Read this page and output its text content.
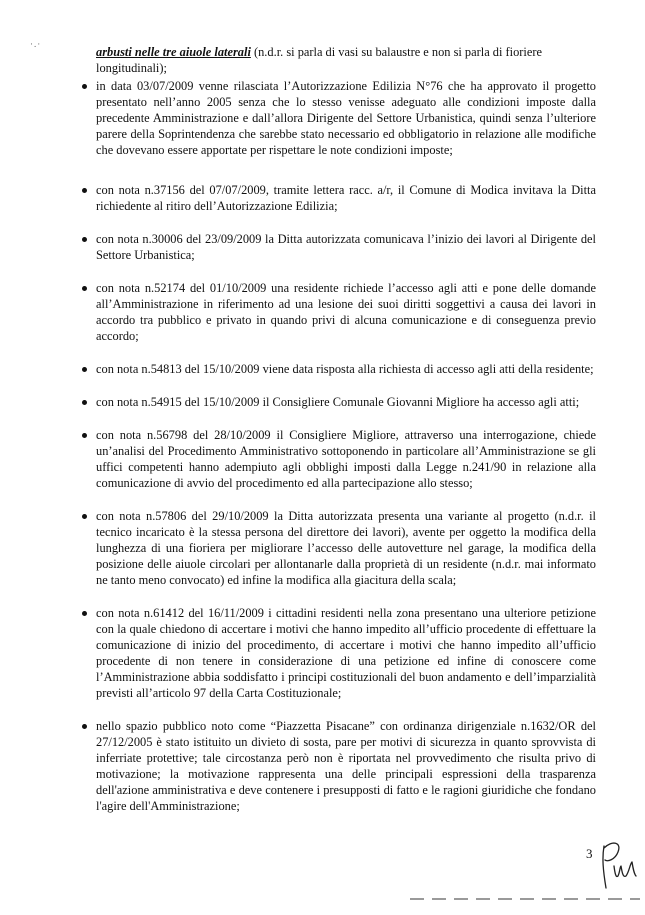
·.·

arbusti nelle tre aiuole laterali (n.d.r. si parla di vasi su balaustre e non si parla di fioriere longitudinali);

in data 03/07/2009 venne rilasciata l’Autorizzazione Edilizia N°76 che ha approvato il progetto presentato nell’anno 2005 senza che lo stesso venisse adeguato alle condizioni imposte dalla precedente Amministrazione e dall’allora Dirigente del Settore Urbanistica, quindi senza l’ulteriore parere della Soprintendenza che sarebbe stato necessario ed obbligatorio in relazione alle modifiche che dovevano essere apportate per rispettare le note condizioni imposte;
con nota n.37156 del 07/07/2009, tramite lettera racc. a/r, il Comune di Modica invitava la Ditta richiedente al ritiro dell’Autorizzazione Edilizia;
con nota n.30006 del 23/09/2009 la Ditta autorizzata comunicava l’inizio dei lavori al Dirigente del Settore Urbanistica;
con nota n.52174 del 01/10/2009 una residente richiede l’accesso agli atti e pone delle domande all’Amministrazione in riferimento ad una lesione dei suoi diritti soggettivi a causa dei lavori in accordo tra pubblico e privato in quando privi di alcuna comunicazione e di conseguenza previo accordo;
con nota n.54813 del 15/10/2009 viene data risposta alla richiesta di accesso agli atti della residente;
con nota n.54915 del 15/10/2009 il Consigliere Comunale Giovanni Migliore ha accesso agli atti;
con nota n.56798 del 28/10/2009 il Consigliere Migliore, attraverso una interrogazione, chiede un’analisi del Procedimento Amministrativo sottoponendo in particolare all’Amministrazione se gli uffici competenti hanno adempiuto agli obblighi imposti dalla Legge n.241/90 in relazione alla comunicazione di avvio del procedimento ed alla partecipazione allo stesso;
con nota n.57806 del 29/10/2009 la Ditta autorizzata presenta una variante al progetto (n.d.r. il tecnico incaricato è la stessa persona del direttore dei lavori), avente per oggetto la modifica della lunghezza di una fioriera per migliorare l’accesso delle autovetture nel garage, la modifica della posizione delle aiuole circolari per allontanarle dalla proprietà di un residente (n.d.r. mai informato ne tanto meno convocato) ed infine la modifica alla giacitura della scala;
con nota n.61412 del 16/11/2009 i cittadini residenti nella zona presentano una ulteriore petizione con la quale chiedono di accertare i motivi che hanno impedito all’ufficio procedente di effettuare la comunicazione di inizio del procedimento, di accertare i motivi che hanno impedito all’ufficio procedente di non tenere in considerazione di una petizione ed infine di conoscere come l’Amministrazione abbia soddisfatto i principi costituzionali del buon andamento e dell’imparzialità previsti all’articolo 97 della Carta Costituzionale;
nello spazio pubblico noto come “Piazzetta Pisacane” con ordinanza dirigenziale n.1632/OR del 27/12/2005 è stato istituito un divieto di sosta, pare per motivi di sicurezza in quanto sprovvista di inferriate protettive; tale circostanza però non è riportata nel provvedimento che risulta privo di motivazione; la motivazione rappresenta una delle principali espressioni della trasparenza dell'azione amministrativa e deve contenere i presupposti di fatto e le ragioni giuridiche che fondano l'agire dell'Amministrazione;
3
